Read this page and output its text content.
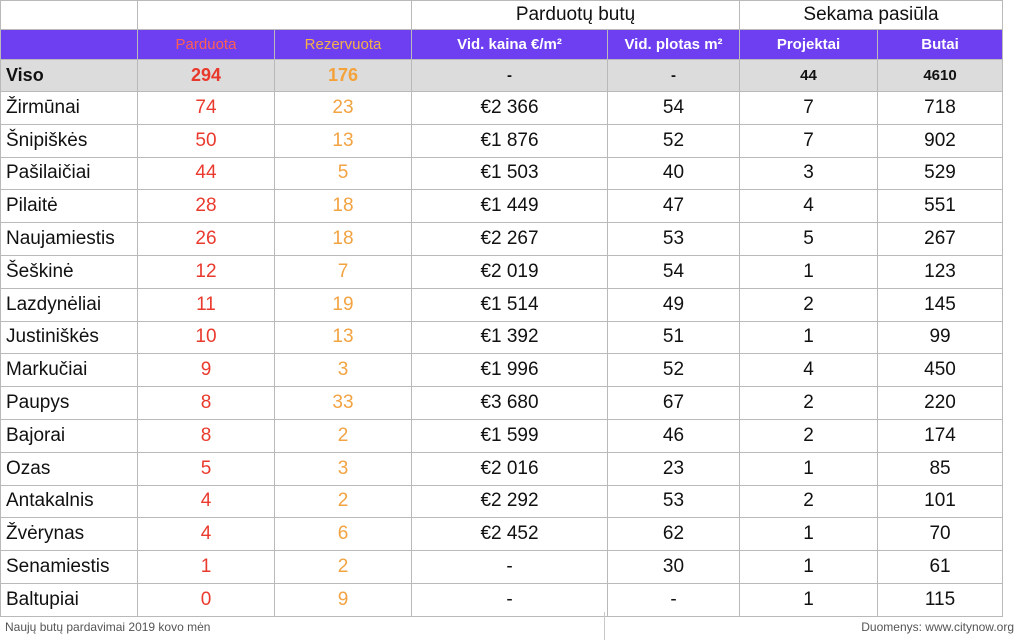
			Parduotų butų		Sekama pasiūla	
	Parduota	Rezervuota	Vid. kaina €/m²	Vid. plotas m²	Projektai	Butai
Viso	294	176	-	-	44	4610
Žirmūnai	74	23	€2 366	54	7	718
Šnipiškės	50	13	€1 876	52	7	902
Pašilaičiai	44	5	€1 503	40	3	529
Pilaitė	28	18	€1 449	47	4	551
Naujamiestis	26	18	€2 267	53	5	267
Šeškinė	12	7	€2 019	54	1	123
Lazdynėliai	11	19	€1 514	49	2	145
Justiniškės	10	13	€1 392	51	1	99
Markučiai	9	3	€1 996	52	4	450
Paupys	8	33	€3 680	67	2	220
Bajorai	8	2	€1 599	46	2	174
Ozas	5	3	€2 016	23	1	85
Antakalnis	4	2	€2 292	53	2	101
Žvėrynas	4	6	€2 452	62	1	70
Senamiestis	1	2	-	30	1	61
Baltupiai	0	9	-	-	1	115
Naujų butų pardavimai 2019 kovo mėn	Duomenys: www.citynow.org
